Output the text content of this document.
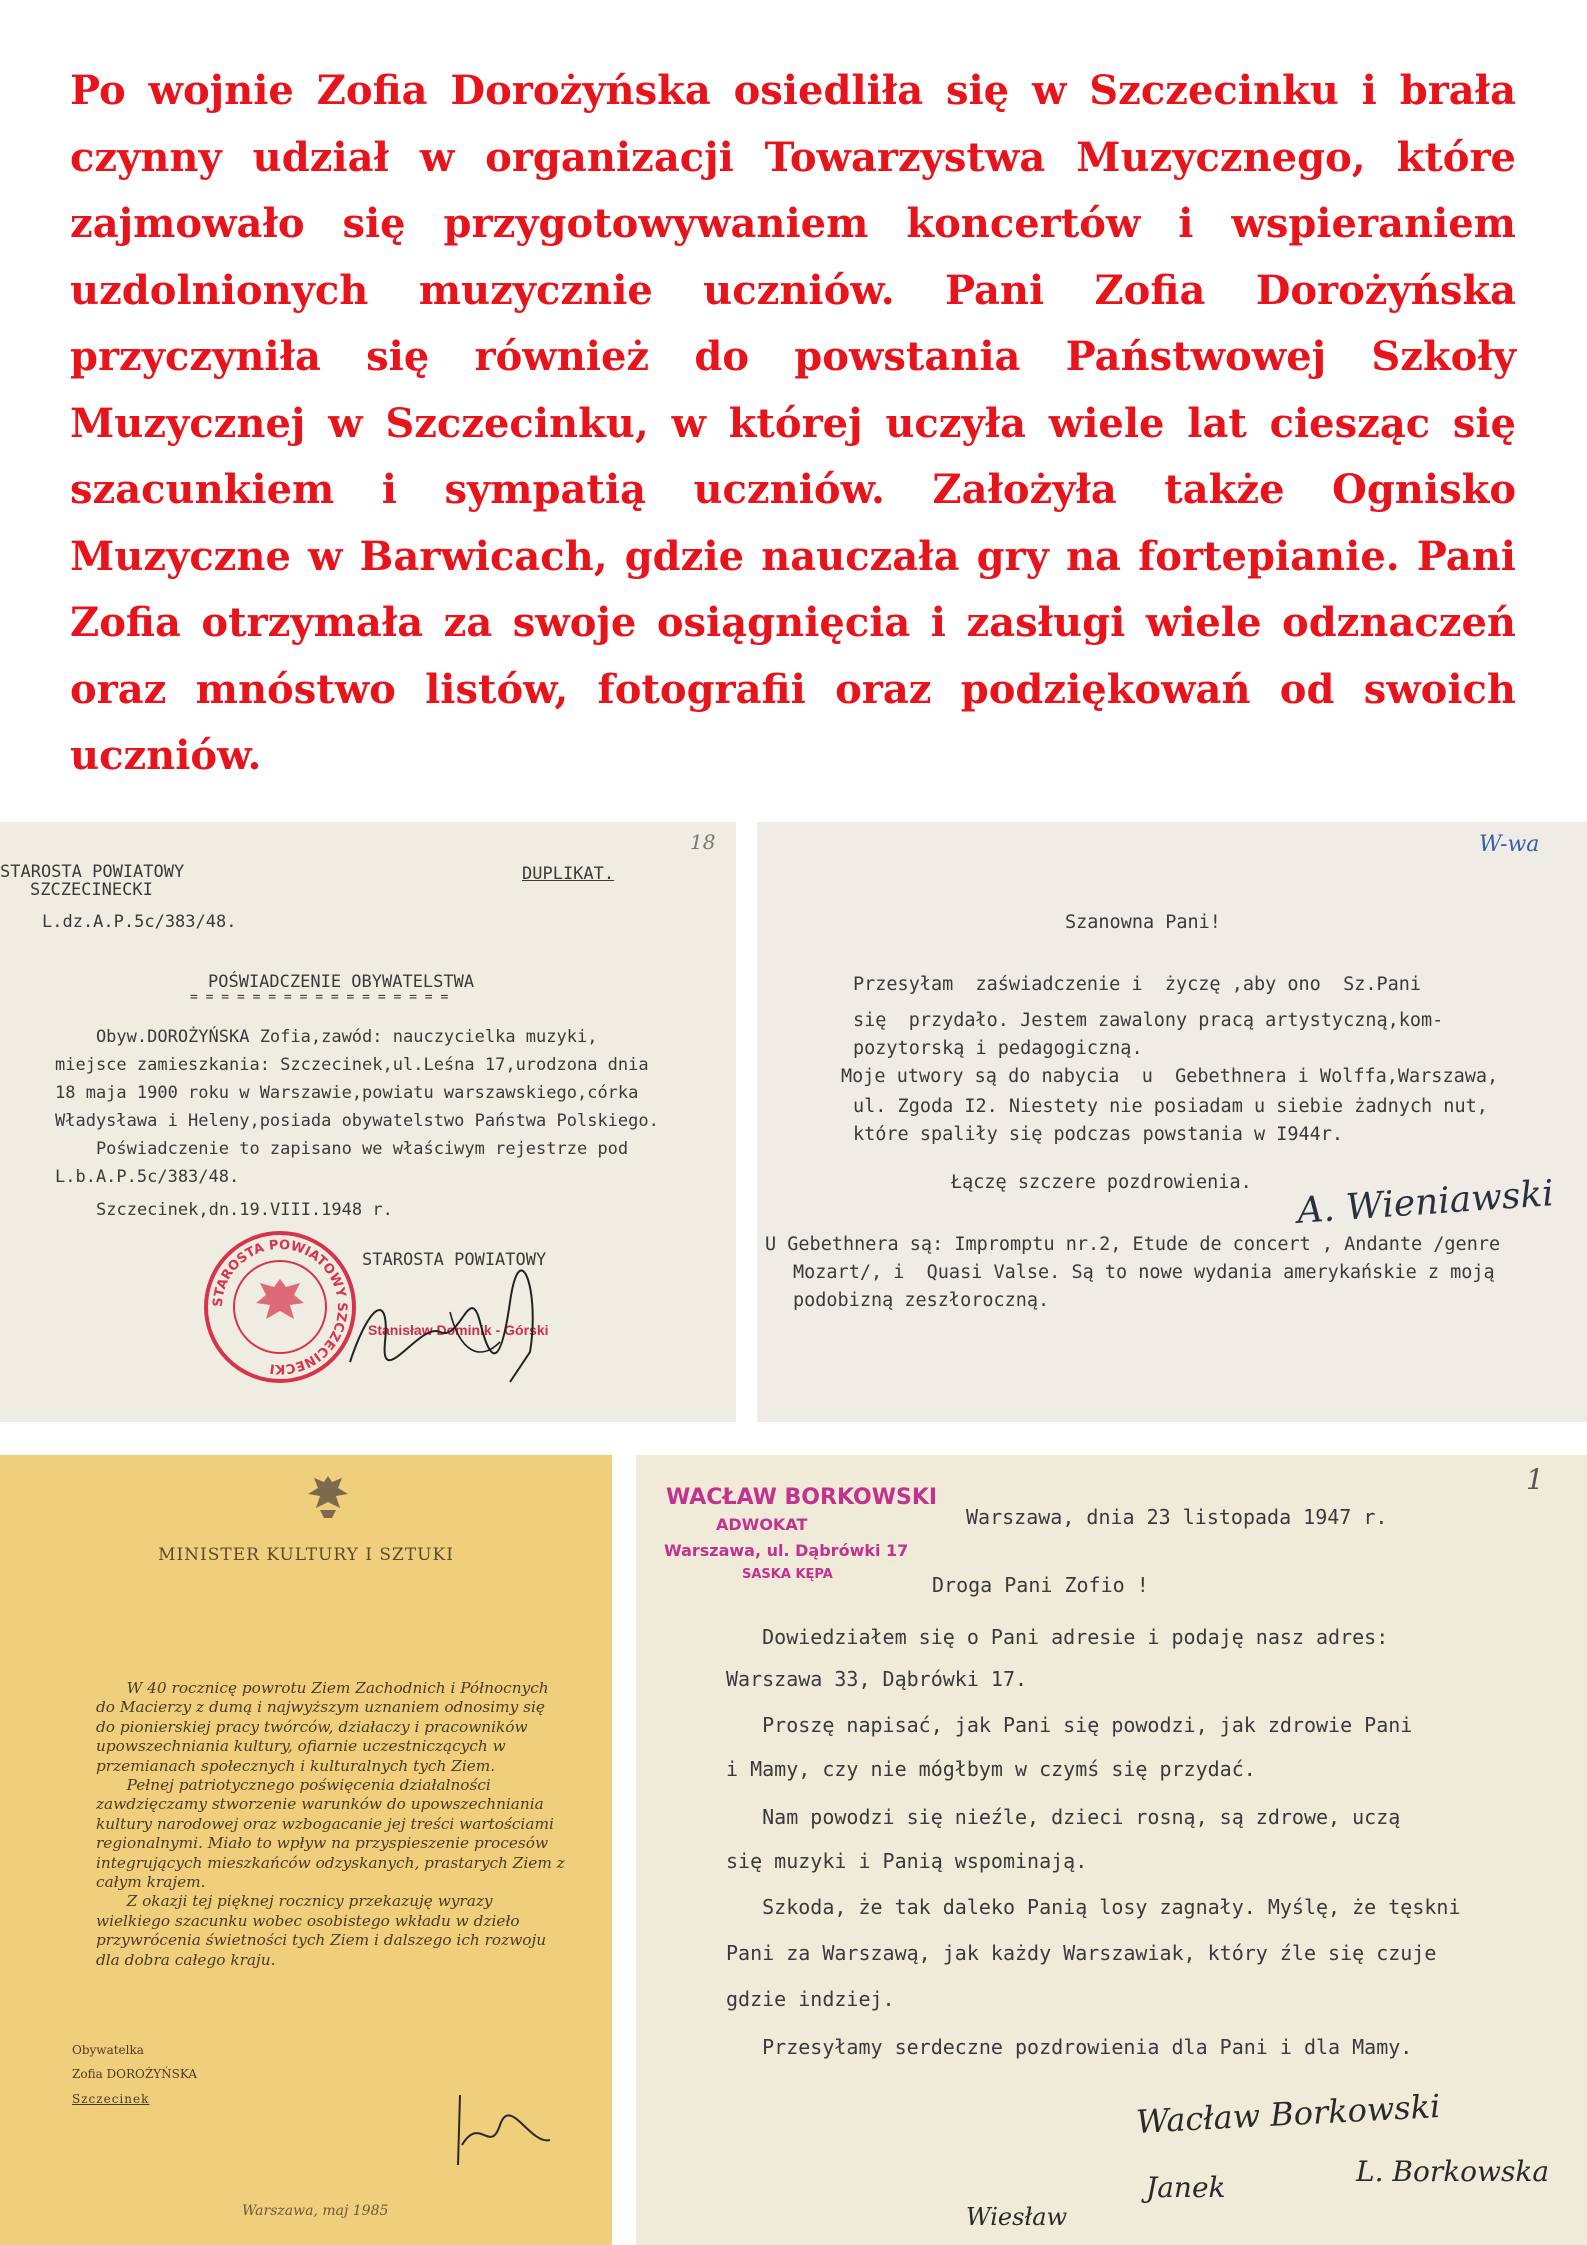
Po wojnie Zofia Dorożyńska osiedliła się w Szczecinku i brała czynny udział w organizacji Towarzystwa Muzycznego, które zajmowało się przygotowywaniem koncertów i wspieraniem uzdolnionych muzycznie uczniów. Pani Zofia Dorożyńska przyczyniła się również do powstania Państwowej Szkoły Muzycznej w Szczecinku, w której uczyła wiele lat ciesząc się szacunkiem i sympatią uczniów. Założyła także Ognisko Muzyczne w Barwicach, gdzie nauczała gry na fortepianie. Pani Zofia otrzymała za swoje osiągnięcia i zasługi wiele odznaczeń oraz mnóstwo listów, fotografii oraz podziękowań od swoich uczniów.
18
STAROSTA POWIATOWY
SZCZECINECKI
DUPLIKAT.
L.dz.A.P.5c/383/48.
POŚWIADCZENIE OBYWATELSTWA
= = = = = = = = = = = = = = = = =
Obyw.DOROŻYŃSKA Zofia,zawód: nauczycielka muzyki,
miejsce zamieszkania: Szczecinek,ul.Leśna 17,urodzona dnia
18 maja 1900 roku w Warszawie,powiatu warszawskiego,córka
Władysława i Heleny,posiada obywatelstwo Państwa Polskiego.
Poświadczenie to zapisano we właściwym rejestrze pod
L.b.A.P.5c/383/48.
Szczecinek,dn.19.VIII.1948 r.
STAROSTA POWIATOWY
Stanisław Dominik - Górski
STAROSTA POWIATOWY SZCZECINECKI
W-wa
Szanowna Pani!
Przesyłam  zaświadczenie i  życzę ,aby ono  Sz.Pani
się  przydało. Jestem zawalony pracą artystyczną,kom-
pozytorską i pedagogiczną.
Moje utwory są do nabycia  u  Gebethnera i Wolffa,Warszawa,
ul. Zgoda I2. Niestety nie posiadam u siebie żadnych nut,
które spaliły się podczas powstania w I944r.
Łączę szczere pozdrowienia. A. Wieniawski
U Gebethnera są: Impromptu nr.2, Etude de concert , Andante /genre
Mozart/, i  Quasi Valse. Są to nowe wydania amerykańskie z moją
podobizną zeszłoroczną.
MINISTER KULTURY I SZTUKI

W 40 rocznicę powrotu Ziem Zachodnich i Północnych do Macierzy z dumą i najwyższym uznaniem odnosimy się do pionierskiej pracy twórców, działaczy i pracowników upowszechniania kultury, ofiarnie uczestniczących w przemianach społecznych i kulturalnych tych Ziem.

Pełnej patriotycznego poświęcenia działalności zawdzięczamy stworzenie warunków do upowszechniania kultury narodowej oraz wzbogacanie jej treści wartościami regionalnymi. Miało to wpływ na przyspieszenie procesów integrujących mieszkańców odzyskanych, prastarych Ziem z całym krajem.

Z okazji tej pięknej rocznicy przekazuję wyrazy wielkiego szacunku wobec osobistego wkładu w dzieło przywrócenia świetności tych Ziem i dalszego ich rozwoju dla dobra całego kraju.

Obywatelka
Zofia DOROŻYŃSKA
Szczecinek
Warszawa, maj 1985
1
WACŁAW BORKOWSKI
ADWOKAT
Warszawa, ul. Dąbrówki 17
SASKA KĘPA
Warszawa, dnia 23 listopada 1947 r.
Droga Pani Zofio !
Dowiedziałem się o Pani adresie i podaję nasz adres:
Warszawa 33, Dąbrówki 17.
Proszę napisać, jak Pani się powodzi, jak zdrowie Pani
i Mamy, czy nie mógłbym w czymś się przydać.
Nam powodzi się nieźle, dzieci rosną, są zdrowe, uczą
się muzyki i Panią wspominają.
Szkoda, że tak daleko Panią losy zagnały. Myślę, że tęskni
Pani za Warszawą, jak każdy Warszawiak, który źle się czuje
gdzie indziej.
Przesyłamy serdeczne pozdrowienia dla Pani i dla Mamy.
Wacław Borkowski
Janek	L. Borkowska
Wiesław
